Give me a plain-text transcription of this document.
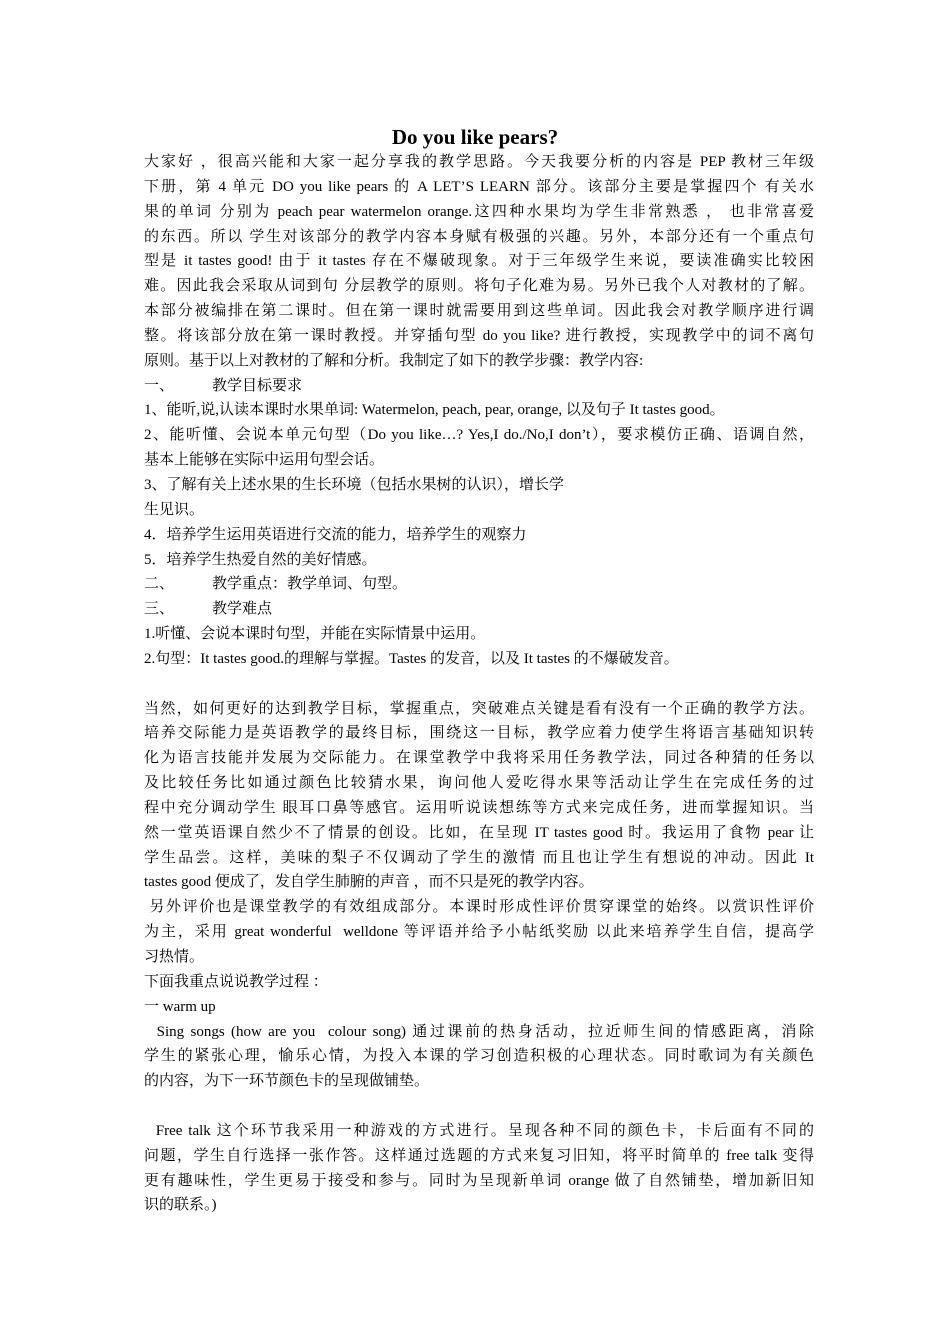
Do you like pears?
大家好 ，很高兴能和大家一起分享我的教学思路。今天我要分析的内容是 PEP 教材三年级
下册，第 4 单元 DO you like pears 的 A LET’S LEARN 部分。该部分主要是掌握四个 有关水
果的单词 分别为 peach pear watermelon orange.这四种水果均为学生非常熟悉 ， 也非常喜爱
的东西。所以 学生对该部分的教学内容本身赋有极强的兴趣。另外，本部分还有一个重点句
型是 it tastes good! 由于 it tastes 存在不爆破现象。对于三年级学生来说，要读准确实比较困
难。因此我会采取从词到句 分层教学的原则。将句子化难为易。另外已我个人对教材的了解。
本部分被编排在第二课时。但在第一课时就需要用到这些单词。因此我会对教学顺序进行调
整。将该部分放在第一课时教授。并穿插句型 do you like? 进行教授，实现教学中的词不离句
原则。基于以上对教材的了解和分析。我制定了如下的教学步骤：教学内容:
一、	教学目标要求
1、能听,说,认读本课时水果单词: Watermelon, peach, pear, orange, 以及句子 It tastes good。
2、能听懂、会说本单元句型（Do you like…? Yes,I do./No,I don’t），要求模仿正确、语调自然，
基本上能够在实际中运用句型会话。
3、了解有关上述水果的生长环境（包括水果树的认识），增长学
生见识。
4．培养学生运用英语进行交流的能力，培养学生的观察力
5．培养学生热爱自然的美好情感。
二、	教学重点：教学单词、句型。
三、	教学难点
1.听懂、会说本课时句型，并能在实际情景中运用。
2.句型：It tastes good.的理解与掌握。Tastes 的发音，以及 It tastes 的不爆破发音。
当然，如何更好的达到教学目标，掌握重点，突破难点关键是看有没有一个正确的教学方法。
培养交际能力是英语教学的最终目标，围绕这一目标，教学应着力使学生将语言基础知识转
化为语言技能并发展为交际能力。在课堂教学中我将采用任务教学法，同过各种猜的任务以
及比较任务比如通过颜色比较猜水果，询问他人爱吃得水果等活动让学生在完成任务的过
程中充分调动学生 眼耳口鼻等感官。运用听说读想练等方式来完成任务，进而掌握知识。当
然一堂英语课自然少不了情景的创设。比如，在呈现 IT tastes good 时。我运用了食物 pear 让
学生品尝。这样，美味的梨子不仅调动了学生的激情 而且也让学生有想说的冲动。因此 It
tastes good 便成了，发自学生肺腑的声音 ，而不只是死的教学内容。
另外评价也是课堂教学的有效组成部分。本课时形成性评价贯穿课堂的始终。以赏识性评价
为主，采用 great wonderful  welldone 等评语并给予小帖纸奖励 以此来培养学生自信，提高学
习热情。
下面我重点说说教学过程 ：
一 warm up
Sing songs (how are you  colour song) 通过课前的热身活动，拉近师生间的情感距离，消除
学生的紧张心理，愉乐心情，为投入本课的学习创造积极的心理状态。同时歌词为有关颜色
的内容，为下一环节颜色卡的呈现做铺垫。
Free talk 这个环节我采用一种游戏的方式进行。呈现各种不同的颜色卡，卡后面有不同的
问题，学生自行选择一张作答。这样通过选题的方式来复习旧知，将平时简单的 free talk 变得
更有趣味性，学生更易于接受和参与。同时为呈现新单词 orange 做了自然铺垫，增加新旧知
识的联系。)
